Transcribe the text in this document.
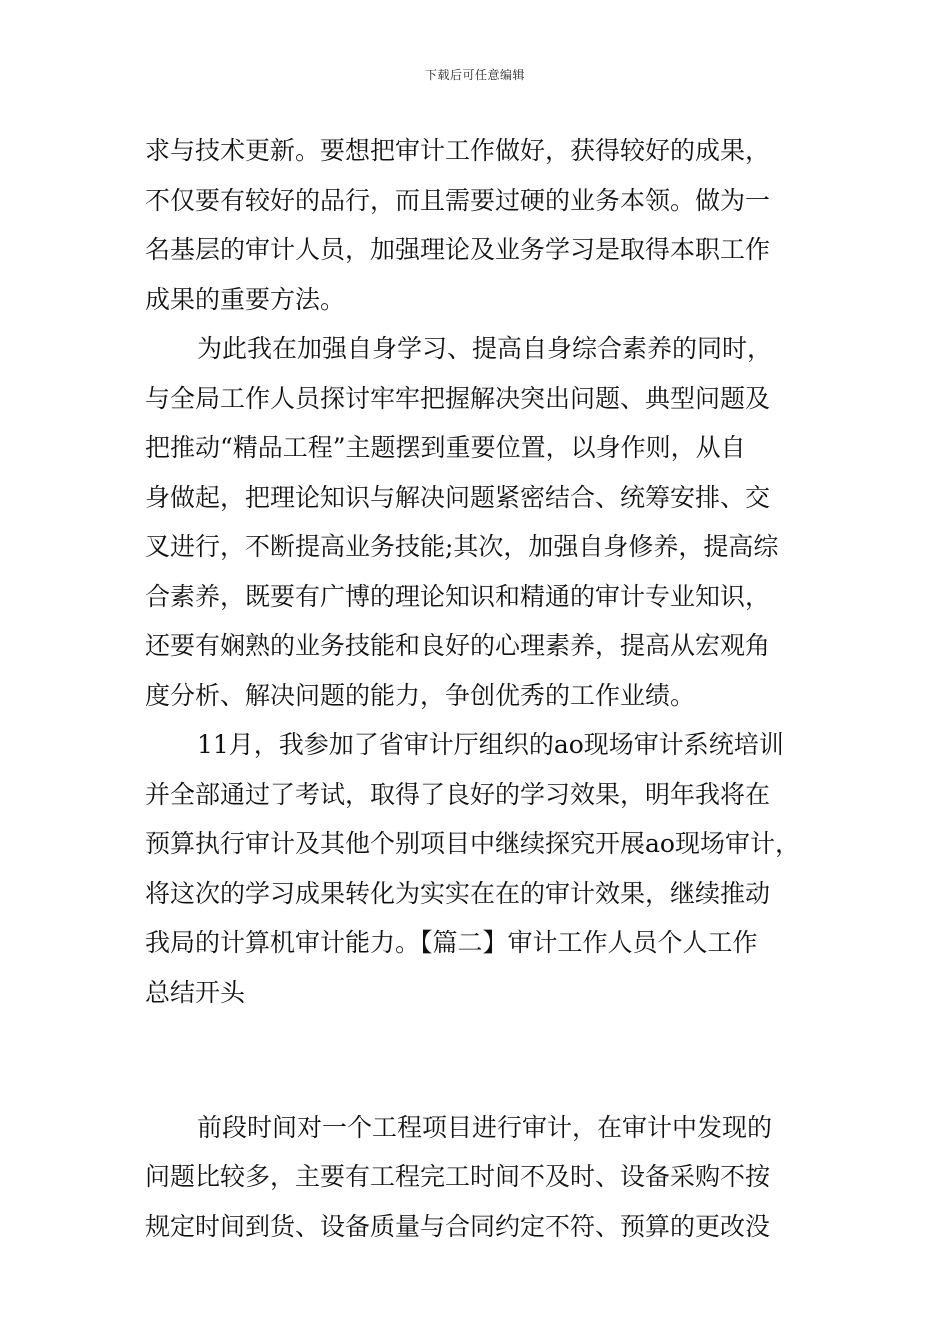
下载后可任意编辑
求与技术更新。要想把审计工作做好，获得较好的成果，
不仅要有较好的品行，而且需要过硬的业务本领。做为一
名基层的审计人员，加强理论及业务学习是取得本职工作
成果的重要方法。
为此我在加强自身学习、提高自身综合素养的同时，
与全局工作人员探讨牢牢把握解决突出问题、典型问题及
把推动“精品工程”主题摆到重要位置，以身作则，从自
身做起，把理论知识与解决问题紧密结合、统筹安排、交
叉进行，不断提高业务技能;其次，加强自身修养，提高综
合素养，既要有广博的理论知识和精通的审计专业知识，
还要有娴熟的业务技能和良好的心理素养，提高从宏观角
度分析、解决问题的能力，争创优秀的工作业绩。
11月，我参加了省审计厅组织的ao现场审计系统培训
并全部通过了考试，取得了良好的学习效果，明年我将在
预算执行审计及其他个别项目中继续探究开展ao现场审计，
将这次的学习成果转化为实实在在的审计效果，继续推动
我局的计算机审计能力。【篇二】审计工作人员个人工作
总结开头
前段时间对一个工程项目进行审计，在审计中发现的
问题比较多，主要有工程完工时间不及时、设备采购不按
规定时间到货、设备质量与合同约定不符、预算的更改没
